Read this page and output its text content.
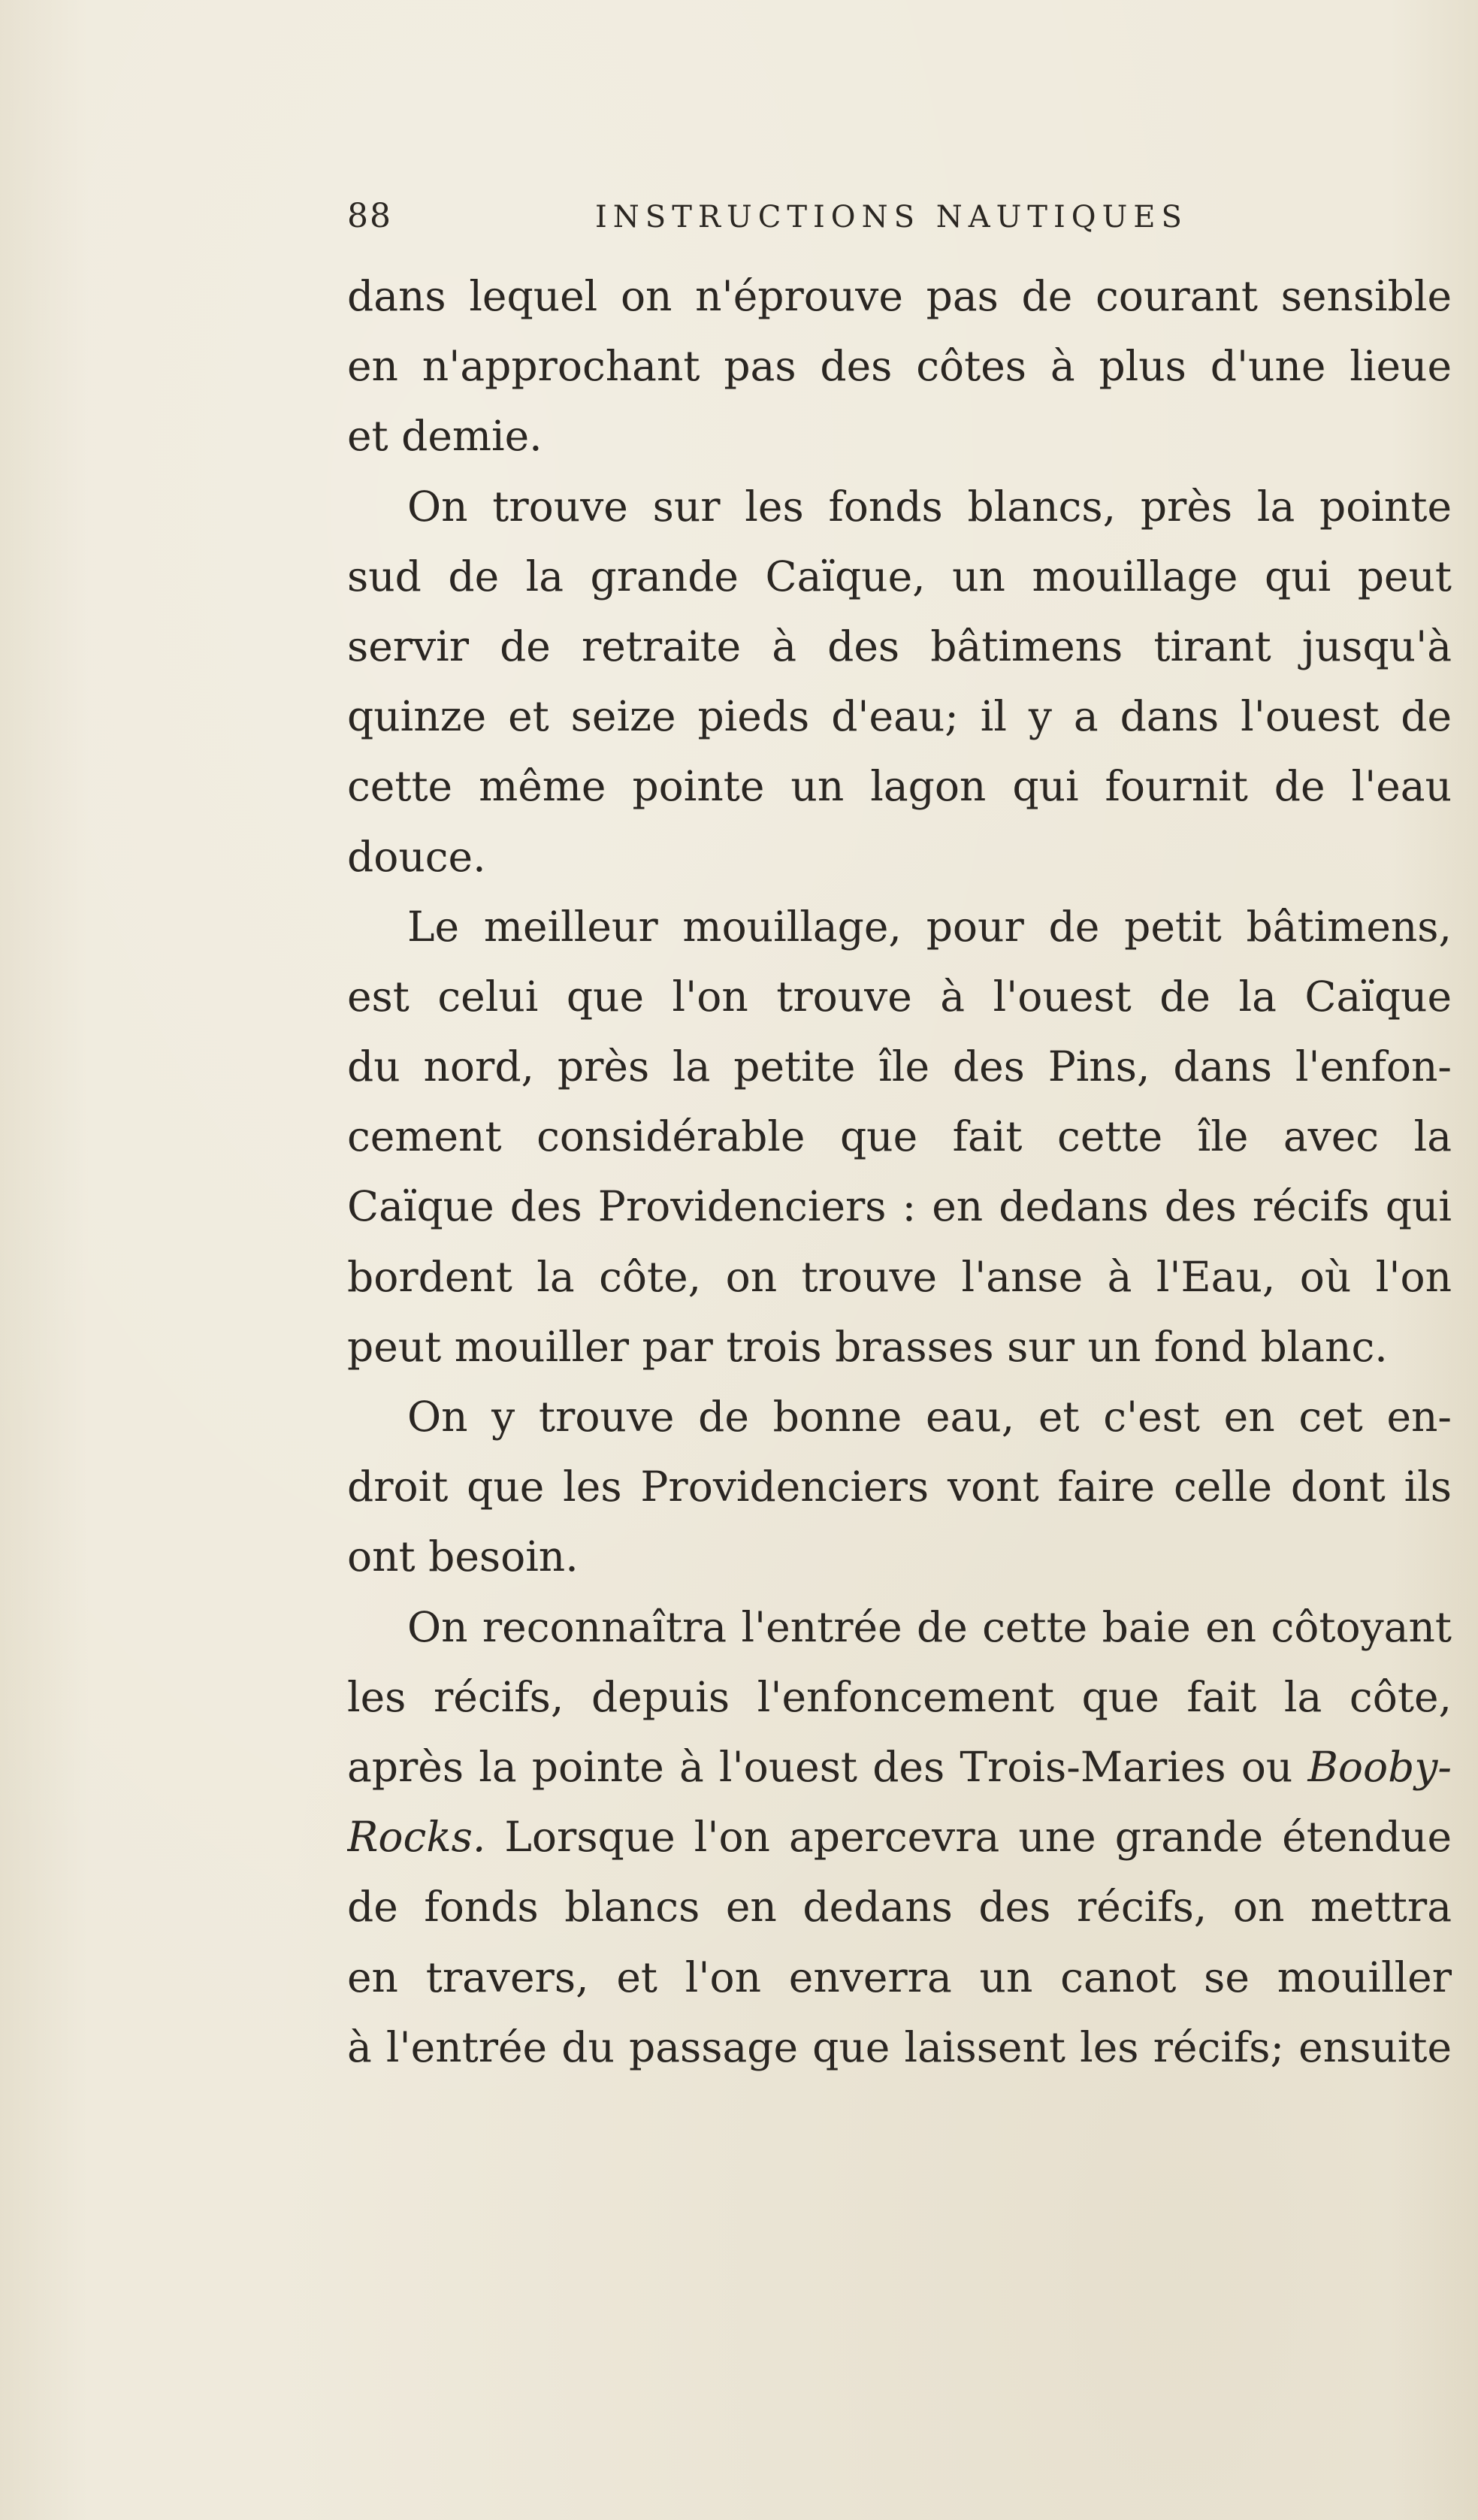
88	INSTRUCTIONS NAUTIQUES
dans lequel on n'éprouve pas de courant sensible
en n'approchant pas des côtes à plus d'une lieue
et demie.
On trouve sur les fonds blancs, près la pointe
sud de la grande Caïque, un mouillage qui peut
servir de retraite à des bâtimens tirant jusqu'à
quinze et seize pieds d'eau; il y a dans l'ouest de
cette même pointe un lagon qui fournit de l'eau
douce.
Le meilleur mouillage, pour de petit bâtimens,
est celui que l'on trouve à l'ouest de la Caïque
du nord, près la petite île des Pins, dans l'enfon-
cement considérable que fait cette île avec la
Caïque des Providenciers : en dedans des récifs qui
bordent la côte, on trouve l'anse à l'Eau, où l'on
peut mouiller par trois brasses sur un fond blanc.
On y trouve de bonne eau, et c'est en cet en-
droit que les Providenciers vont faire celle dont ils
ont besoin.
On reconnaîtra l'entrée de cette baie en côtoyant
les récifs, depuis l'enfoncement que fait la côte,
après la pointe à l'ouest des Trois-Maries ou Booby-
Rocks. Lorsque l'on apercevra une grande étendue
de fonds blancs en dedans des récifs, on mettra
en travers, et l'on enverra un canot se mouiller
à l'entrée du passage que laissent les récifs; ensuite
